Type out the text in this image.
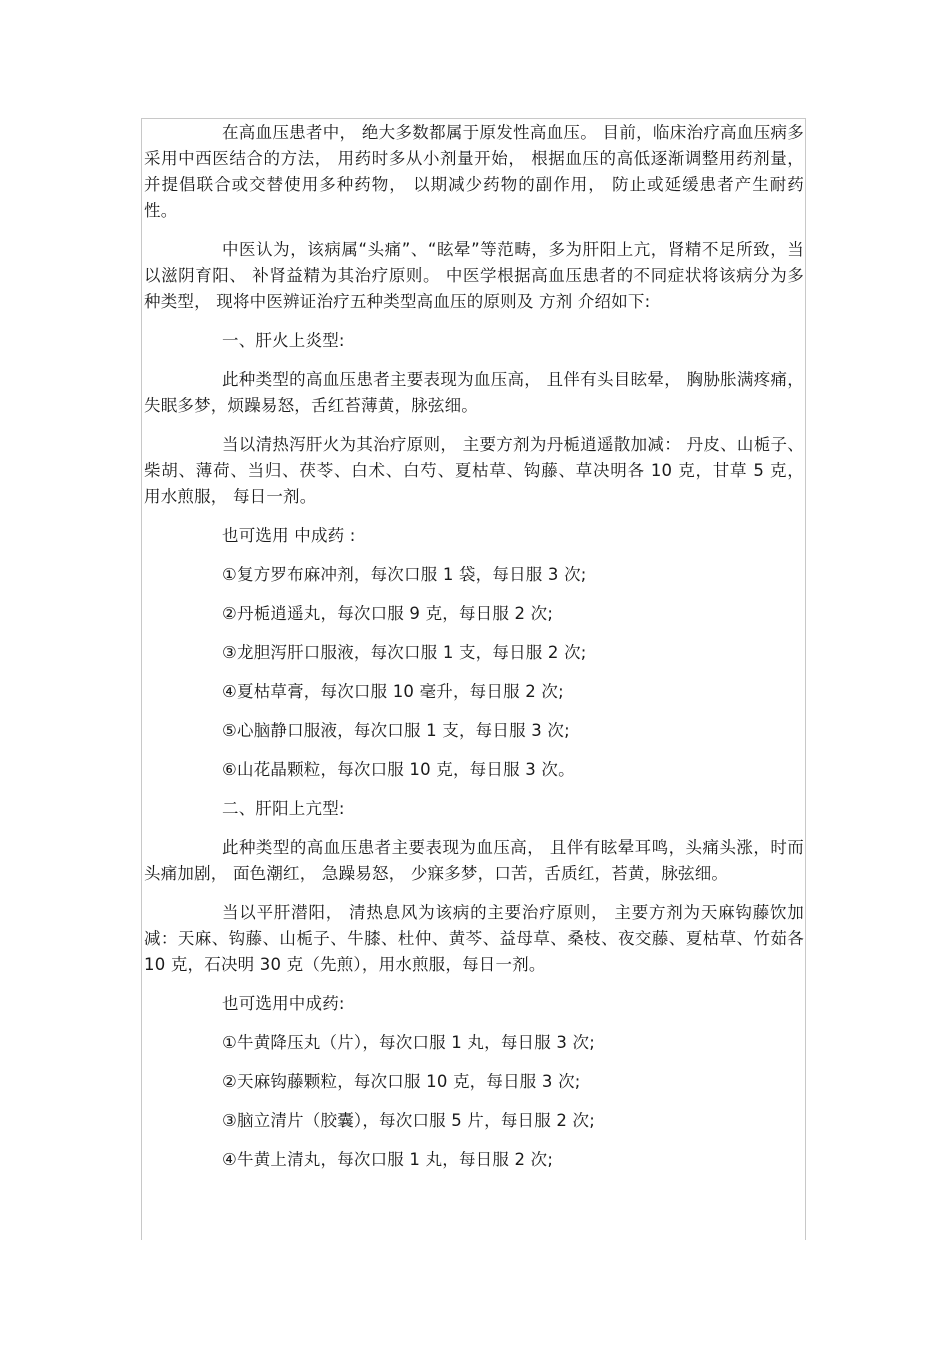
在高血压患者中， 绝大多数都属于原发性高血压。 目前，临床治疗高血压病多采用中西医结合的方法， 用药时多从小剂量开始， 根据血压的高低逐渐调整用药剂量， 并提倡联合或交替使用多种药物， 以期减少药物的副作用， 防止或延缓患者产生耐药性。

中医认为，该病属“头痛”、“眩晕”等范畴，多为肝阳上亢，肾精不足所致，当以滋阴育阳、 补肾益精为其治疗原则。 中医学根据高血压患者的不同症状将该病分为多种类型， 现将中医辨证治疗五种类型高血压的原则及 方剂 介绍如下:

一、肝火上炎型:

此种类型的高血压患者主要表现为血压高， 且伴有头目眩晕， 胸胁胀满疼痛，失眠多梦，烦躁易怒，舌红苔薄黄，脉弦细。

当以清热泻肝火为其治疗原则， 主要方剂为丹栀逍遥散加减： 丹皮、山栀子、柴胡、薄荷、当归、茯苓、白术、白芍、夏枯草、钩藤、草决明各 10 克，甘草 5 克， 用水煎服， 每日一剂。

也可选用 中成药 :

①复方罗布麻冲剂，每次口服 1 袋，每日服 3 次;

②丹栀逍遥丸，每次口服 9 克，每日服 2 次;

③龙胆泻肝口服液，每次口服 1 支，每日服 2 次;

④夏枯草膏，每次口服 10 毫升，每日服 2 次;

⑤心脑静口服液，每次口服 1 支，每日服 3 次;

⑥山花晶颗粒，每次口服 10 克，每日服 3 次。

二、肝阳上亢型:

此种类型的高血压患者主要表现为血压高， 且伴有眩晕耳鸣，头痛头涨，时而头痛加剧， 面色潮红， 急躁易怒， 少寐多梦，口苦，舌质红，苔黄，脉弦细。

当以平肝潜阳， 清热息风为该病的主要治疗原则， 主要方剂为天麻钩藤饮加减：天麻、钩藤、山栀子、牛膝、杜仲、黄芩、益母草、桑枝、夜交藤、夏枯草、竹茹各 10 克，石决明 30 克（先煎），用水煎服，每日一剂。

也可选用中成药:

①牛黄降压丸（片），每次口服 1 丸，每日服 3 次;

②天麻钩藤颗粒，每次口服 10 克，每日服 3 次;

③脑立清片（胶囊），每次口服 5 片，每日服 2 次;

④牛黄上清丸，每次口服 1 丸，每日服 2 次;
